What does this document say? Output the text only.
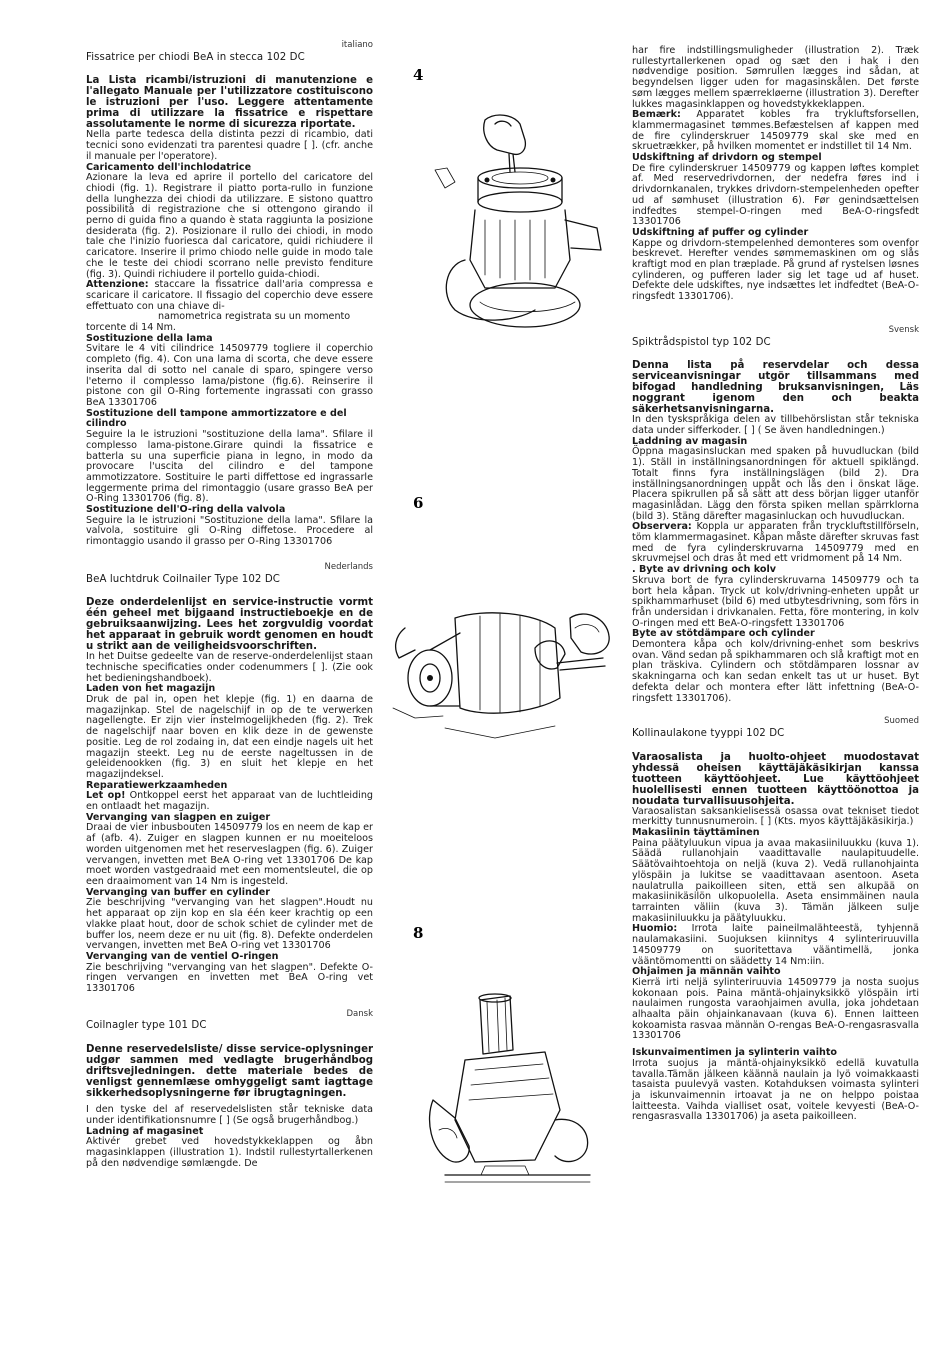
italiano
Fissatrice per chiodi BeA in stecca 102 DC

La Lista ricambi/istruzioni di manutenzione e l'allegato Manuale per l'utilizzatore costituiscono le istruzioni per l'uso. Leggere attentamente prima di utilizzare la fissatrice e rispettare assolutamente le norme di sicurezza riportate.

Nella parte tedesca della distinta pezzi di ricambio, dati tecnici sono evidenzati tra parentesi quadre [ ]. (cfr. anche il manuale per l'operatore).

Caricamento dell'inchlodatrice

Azionare la leva ed aprire il portello del caricatore del chiodi (fig. 1). Registrare il piatto porta-rullo in funzione della lunghezza dei chiodi da utilizzare. E sistono quattro possibilità di registrazione che si ottengono girando il perno di guida fino a quando è stata raggiunta la posizione desiderata (fig. 2). Posizionare il rullo dei chiodi, in modo tale che l'inizio fuoriesca dal caricatore, quidi richiudere il caricatore. Inserire il primo chiodo nelle guide in modo tale che le teste dei chiodi scorrano nelle previsto fenditure (fig. 3). Quindi richiudere il portello guida-chiodi.

Attenzione: staccare la fissatrice dall'aria compressa e scaricare il caricatore. Il fissagio del coperchio deve essere effettuato con una chiave di-

namometrica registrata su un momento

torcente di 14 Nm.

Sostituzione della lama

Svitare le 4 viti cilindrice 14509779 togliere il coperchio completo (fig. 4). Con una lama di scorta, che deve essere inserita dal di sotto nel canale di sparo, spingere verso l'eterno il complesso lama/pistone (fig.6). Reinserire il pistone con gil O-Ring fortemente ingrassati con grasso BeA 13301706

Sostituzione dell tampone ammortizzatore e del cilindro

Seguire la le istruzioni "sostituzione della lama". Sfilare il complesso lama-pistone.Girare quindi la fissatrice e batterla su una superficie piana in legno, in modo da provocare l'uscita del cilindro e del tampone ammotizzatore. Sostituire le parti diffettose ed ingrassarle leggermente prima del rimontaggio (usare grasso BeA per O-Ring 13301706 (fig. 8).

Sostituzione dell'O-ring della valvola

Seguire la le istruzioni "Sostituzione della lama". Sfilare la valvola, sostituire gli O-Ring diffetose. Procedere al rimontaggio usando il grasso per O-Ring 13301706

Nederlands
BeA luchtdruk Coilnailer Type 102 DC

Deze onderdelenlijst en service-instructie vormt één geheel met bijgaand instructieboekje en de gebruiksaanwijzing. Lees het zorgvuldig voordat het apparaat in gebruik wordt genomen en houdt u strikt aan de veiligheidsvoorschriften.

In het Duitse gedeelte van de reserve-onderdelenlijst staan technische specificaties onder codenummers [ ]. (Zie ook het bedieningshandboek).

Laden von het magazijn

Druk de pal in, open het klepje (fig. 1) en daarna de magazijnkap. Stel de nagelschijf in op de te verwerken nagellengte. Er zijn vier instelmogelijkheden (fig. 2). Trek de nagelschijf naar boven en klik deze in de gewenste positie. Leg de rol zodaing in, dat een eindje nagels uit het magazijn steekt. Leg nu de eerste nageltussen in de geleidenookken (fig. 3) en sluit het klepje en het magazijndeksel.

Reparatiewerkzaamheden

Let op! Ontkoppel eerst het apparaat van de luchtleiding en ontlaadt het magazijn.

Vervanging van slagpen en zuiger

Draai de vier inbusbouten 14509779 los en neem de kap er af (afb. 4). Zuiger en slagpen kunnen er nu moeiteloos worden uitgenomen met het reserveslagpen (fig. 6). Zuiger vervangen, invetten met BeA O-ring vet 13301706 De kap moet worden vastgedraaid met een momentsleutel, die op een draaimoment van 14 Nm is ingesteld.

Vervanging van buffer en cylinder

Zie beschrijving "vervanging van het slagpen".Houdt nu het apparaat op zijn kop en sla één keer krachtig op een vlakke plaat hout, door de schok schiet de cylinder met de buffer los, neem deze er nu uit (fig. 8). Defekte onderdelen vervangen, invetten met BeA O-ring vet 13301706

Vervanging van de ventiel O-ringen

Zie beschrijving "vervanging van het slagpen". Defekte O-ringen vervangen en invetten met BeA O-ring vet 13301706

Dansk
Coilnagler type 101 DC

Denne reservedelsliste/ disse service-oplysninger udgør sammen med vedlagte brugerhåndbog driftsvejledningen. dette materiale bedes de venligst gennemlæse omhyggeligt samt iagttage sikkerhedsoplysningerne før ibrugtagningen.

I den tyske del af reservedelslisten står tekniske data under identifikationsnumre [ ] (Se også brugerhåndbog.)

Ladning af magasinet

Aktivér grebet ved hovedstykkeklappen og åbn magasinklappen (illustration 1). Indstil rullestyrtallerkenen på den nødvendige sømlængde. De

4
6
8

har fire indstillingsmuligheder (illustration 2). Træk rullestyrtallerkenen opad og sæt den i hak i den nødvendige position. Sømrullen lægges ind sådan, at begyndelsen ligger uden for magasinskålen. Det første søm lægges mellem spærrekløerne (illustration 3). Derefter lukkes magasinklappen og hovedstykkeklappen.

Bemærk: Apparatet kobles fra trykluftsforsellen, klammermagasinet tømmes.Befæstelsen af kappen med de fire cylinderskruer 14509779 skal ske med en skruetrækker, på hvilken momentet er indstillet til 14 Nm.

Udskiftning af drivdorn og stempel

De fire cylinderskruer 14509779 og kappen løftes komplet af. Med reservedrivdornen, der nedefra føres ind i drivdornkanalen, trykkes drivdorn-stempelenheden opefter ud af sømhuset (illustration 6). Før genindsættelsen indfedtes stempel-O-ringen med BeA-O-ringsfedt 13301706

Udskiftning af puffer og cylinder

Kappe og drivdorn-stempelenhed demonteres som ovenfor beskrevet. Herefter vendes sømmemaskinen om og slås kraftigt mod en plan træplade. På grund af rystelsen løsnes cylinderen, og pufferen lader sig let tage ud af huset. Defekte dele udskiftes, nye indsættes let indfedtet (BeA-O-ringsfedt 13301706).

Svensk
Spiktrådspistol typ 102 DC

Denna lista på reservdelar och dessa serviceanvisningar utgör tillsammans med bifogad handledning bruksanvisningen, Läs noggrant igenom den och beakta säkerhetsanvisningarna.

In den tyskspråkiga delen av tillbehörslistan står tekniska data under sifferkoder. [ ] ( Se även handledningen.)

Laddning av magasin

Öppna magasinsluckan med spaken på huvudluckan (bild 1). Ställ in inställningsanordningen för aktuell spiklängd. Totalt finns fyra inställningslägen (bild 2). Dra inställningsanordningen uppåt och lås den i önskat läge. Placera spikrullen på så sätt att dess början ligger utanför magasinlådan. Lägg den första spiken mellan spärrklorna (bild 3). Stäng därefter magasinluckan och huvudluckan.

Observera: Koppla ur apparaten från tryckluftstillförseln, töm klammermagasinet. Kåpan måste därefter skruvas fast med de fyra cylinderskruvarna 14509779 med en skruvmejsel och dras åt med ett vridmoment på 14 Nm.

. Byte av drivning och kolv

Skruva bort de fyra cylinderskruvarna 14509779 och ta bort hela kåpan. Tryck ut kolv/drivning-enheten uppåt ur spikhammarhuset (bild 6) med utbytesdrivning, som förs in från undersidan i drivkanalen. Fetta, före montering, in kolv O-ringen med ett BeA-O-ringsfett 13301706

Byte av stötdämpare och cylinder

Demontera kåpa och kolv/drivning-enhet som beskrivs ovan. Vänd sedan på spikhammaren och slå kraftigt mot en plan träskiva. Cylindern och stötdämparen lossnar av skakningarna och kan sedan enkelt tas ut ur huset. Byt defekta delar och montera efter lätt infettning (BeA-O-ringsfett 13301706).

Suomed
Kollinaulakone tyyppi 102 DC

Varaosalista ja huolto-ohjeet muodostavat yhdessä oheisen käyttäjäkäsikirjan kanssa tuotteen käyttöohjeet. Lue käyttöohjeet huolellisesti ennen tuotteen käyttöönottoa ja noudata turvallisuusohjeita.

Varaosalistan saksankielisessä osassa ovat tekniset tiedot merkitty tunnusnumeroin. [ ] (Kts. myos käyttäjäkäsikirja.)

Makasiinin täyttäminen

Paina päätyluukun vipua ja avaa makasiiniluukku (kuva 1). Säädä rullanohjain vaadittavalle naulapituudelle. Säätövaihtoehtoja on neljä (kuva 2). Vedä rullanohjainta ylöspäin ja lukitse se vaadittavaan asentoon. Aseta naulatrulla paikoilleen siten, että sen alkupää on makasiinikäsilön ulkopuolella. Aseta ensimmäinen naula tarrainten väliin (kuva 3). Tämän jälkeen sulje makasiiniluukku ja päätyluukku.

Huomio: Irrota laite paineilmalähteestä, tyhjennä naulamakasiini. Suojuksen kiinnitys 4 sylinteriruuvilla 14509779 on suoritettava vääntimellä, jonka vääntömomentti on säädetty 14 Nm:iin.

Ohjaimen ja männän vaihto

Kierrä irti neljä sylinteriruuvia 14509779 ja nosta suojus kokonaan pois. Paina mäntä-ohjainyksikkö ylöspäin irti naulaimen rungosta varaohjaimen avulla, joka johdetaan alhaalta päin ohjainkanavaan (kuva 6). Ennen laitteen kokoamista rasvaa männän O-rengas BeA-O-rengasrasvalla 13301706

Iskunvaimentimen ja sylinterin vaihto

Irrota suojus ja mäntä-ohjainyksikkö edellä kuvatulla tavalla.Tämän jälkeen käännä naulain ja lyö voimakkaasti tasaista puulevyä vasten. Kotahduksen voimasta sylinteri ja iskunvaimennin irtoavat ja ne on helppo poistaa laitteesta. Vaihda vialliset osat, voitele kevyesti (BeA-O-rengasrasvalla 13301706) ja aseta paikoilleen.
